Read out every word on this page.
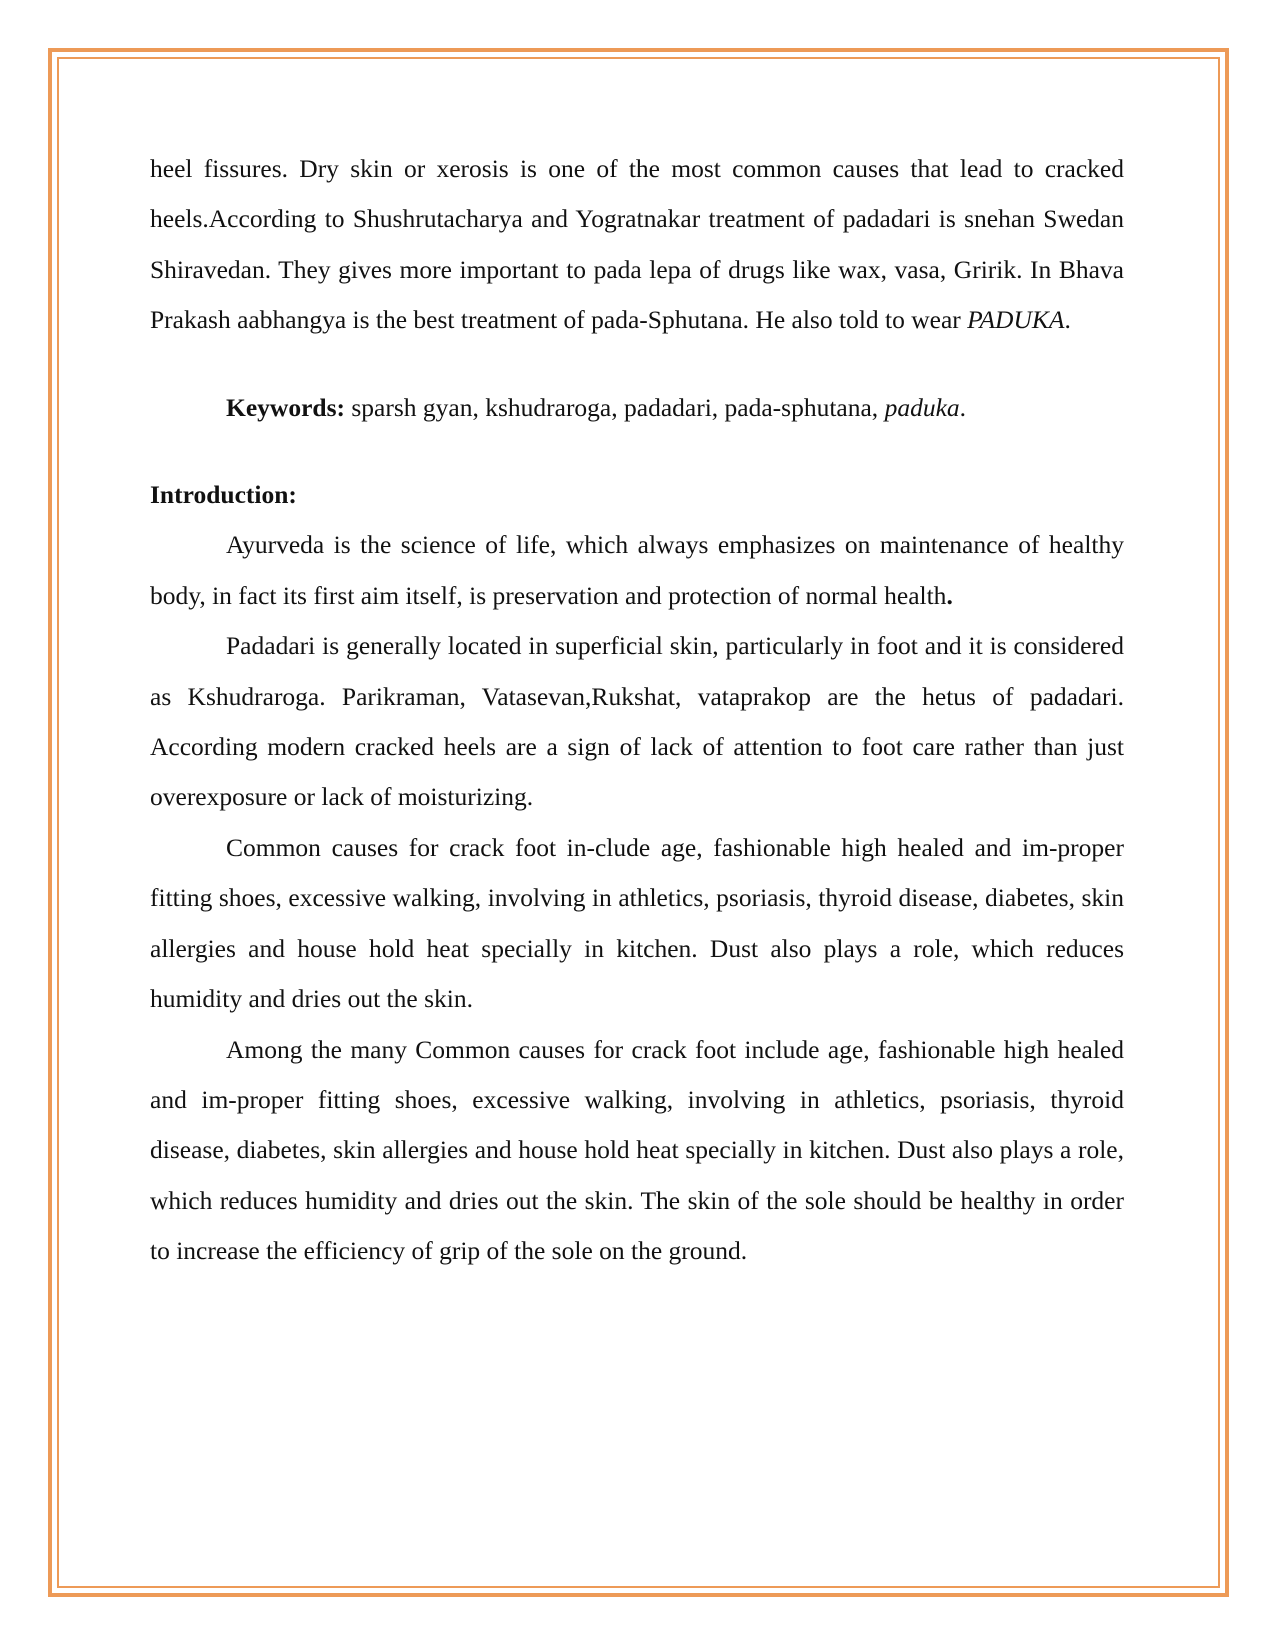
heel fissures. Dry skin or xerosis is one of the most common causes that lead to cracked heels.According to Shushrutacharya and Yogratnakar treatment of padadari is snehan Swedan Shiravedan. They gives more important to pada lepa of drugs like wax, vasa, Gririk. In Bhava Prakash aabhangya is the best treatment of pada-Sphutana. He also told to wear PADUKA.

Keywords: sparsh gyan, kshudraroga, padadari, pada-sphutana, paduka.

Introduction:

Ayurveda is the science of life, which always emphasizes on maintenance of healthy body, in fact its first aim itself, is preservation and protection of normal health.

Padadari is generally located in superficial skin, particularly in foot and it is considered as Kshudraroga. Parikraman, Vatasevan,Rukshat, vataprakop are the hetus of padadari. According modern cracked heels are a sign of lack of attention to foot care rather than just overexposure or lack of moisturizing.

Common causes for crack foot in-clude age, fashionable high healed and im-proper fitting shoes, excessive walking, involving in athletics, psoriasis, thyroid disease, diabetes, skin allergies and house hold heat specially in kitchen. Dust also plays a role, which reduces humidity and dries out the skin.

Among the many Common causes for crack foot include age, fashionable high healed and im-proper fitting shoes, excessive walking, involving in athletics, psoriasis, thyroid disease, diabetes, skin allergies and house hold heat specially in kitchen. Dust also plays a role, which reduces humidity and dries out the skin. The skin of the sole should be healthy in order to increase the efficiency of grip of the sole on the ground.
